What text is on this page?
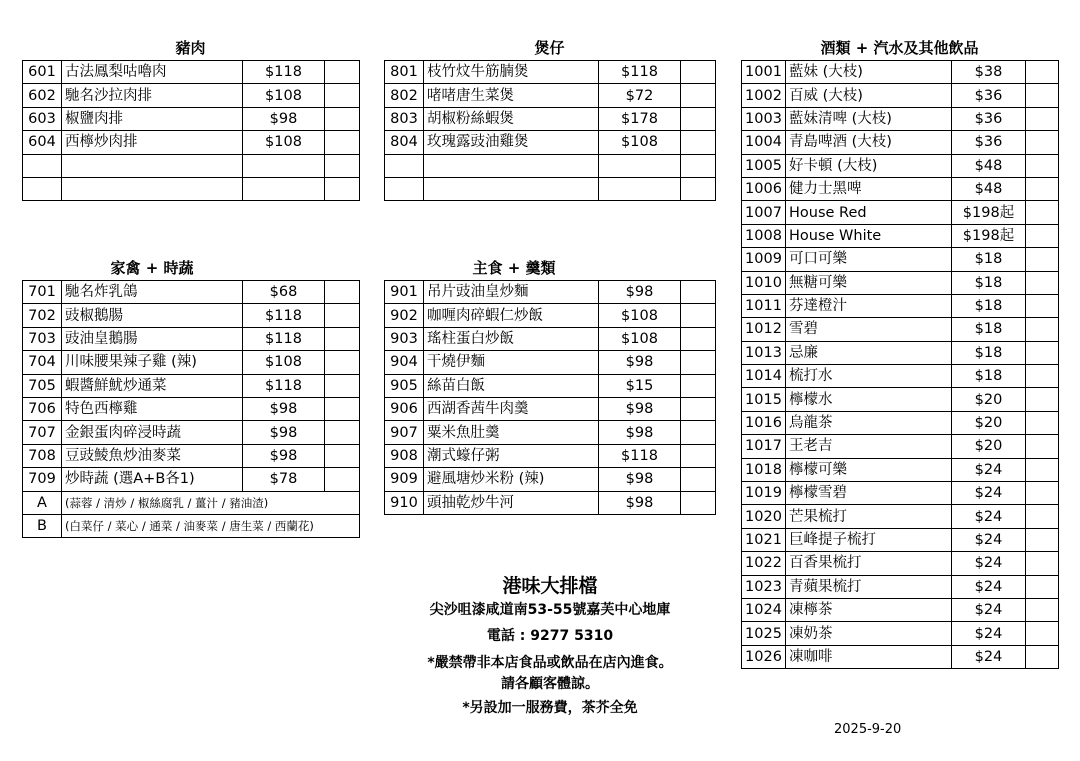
豬肉	煲仔	酒類 + 汽水及其他飲品
家禽 + 時蔬	主食 + 羹類
601	古法鳳梨咕嚕肉	$118	
602	馳名沙拉肉排	$108	
603	椒鹽肉排	$98	
604	西檸炒肉排	$108	

801	枝竹炆牛筋腩煲	$118	
802	啫啫唐生菜煲	$72	
803	胡椒粉絲蝦煲	$178	
804	玫瑰露豉油雞煲	$108	

1001	藍妹 (大枝)	$38	
1002	百威 (大枝)	$36	
1003	藍妹清啤 (大枝)	$36	
1004	青島啤酒 (大枝)	$36	
1005	好卡頓 (大枝)	$48	
1006	健力士黑啤	$48	
1007	House Red	$198起	
1008	House White	$198起	
1009	可口可樂	$18	
1010	無糖可樂	$18	
1011	芬達橙汁	$18	
1012	雪碧	$18	
1013	忌廉	$18	
1014	梳打水	$18	
1015	檸檬水	$20	
1016	烏龍茶	$20	
1017	王老吉	$20	
1018	檸檬可樂	$24	
1019	檸檬雪碧	$24	
1020	芒果梳打	$24	
1021	巨峰提子梳打	$24	
1022	百香果梳打	$24	
1023	青蘋果梳打	$24	
1024	凍檸茶	$24	
1025	凍奶茶	$24	
1026	凍咖啡	$24	
701	馳名炸乳鴿	$68	
702	豉椒鵝腸	$118	
703	豉油皇鵝腸	$118	
704	川味腰果辣子雞 (辣)	$108	
705	蝦醬鮮魷炒通菜	$118	
706	特色西檸雞	$98	
707	金銀蛋肉碎浸時蔬	$98	
708	豆豉鯪魚炒油麥菜	$98	
709	炒時蔬 (選A+B各1)	$78	
A	(蒜蓉 / 清炒 / 椒絲腐乳 / 薑汁 / 豬油渣)		
B	(白菜仔 / 菜心 / 通菜 / 油麥菜 / 唐生菜 / 西蘭花)		
901	吊片豉油皇炒麵	$98	
902	咖喱肉碎蝦仁炒飯	$108	
903	瑤柱蛋白炒飯	$108	
904	干燒伊麵	$98	
905	絲苗白飯	$15	
906	西湖香茜牛肉羹	$98	
907	粟米魚肚羹	$98	
908	潮式蠔仔粥	$118	
909	避風塘炒米粉 (辣)	$98	
910	頭抽乾炒牛河	$98	
港味大排檔
尖沙咀漆咸道南53-55號嘉芙中心地庫
電話 : 9277 5310
*嚴禁帶非本店食品或飲品在店內進食。
請各顧客體諒。
*另設加一服務費，茶芥全免
2025-9-20
